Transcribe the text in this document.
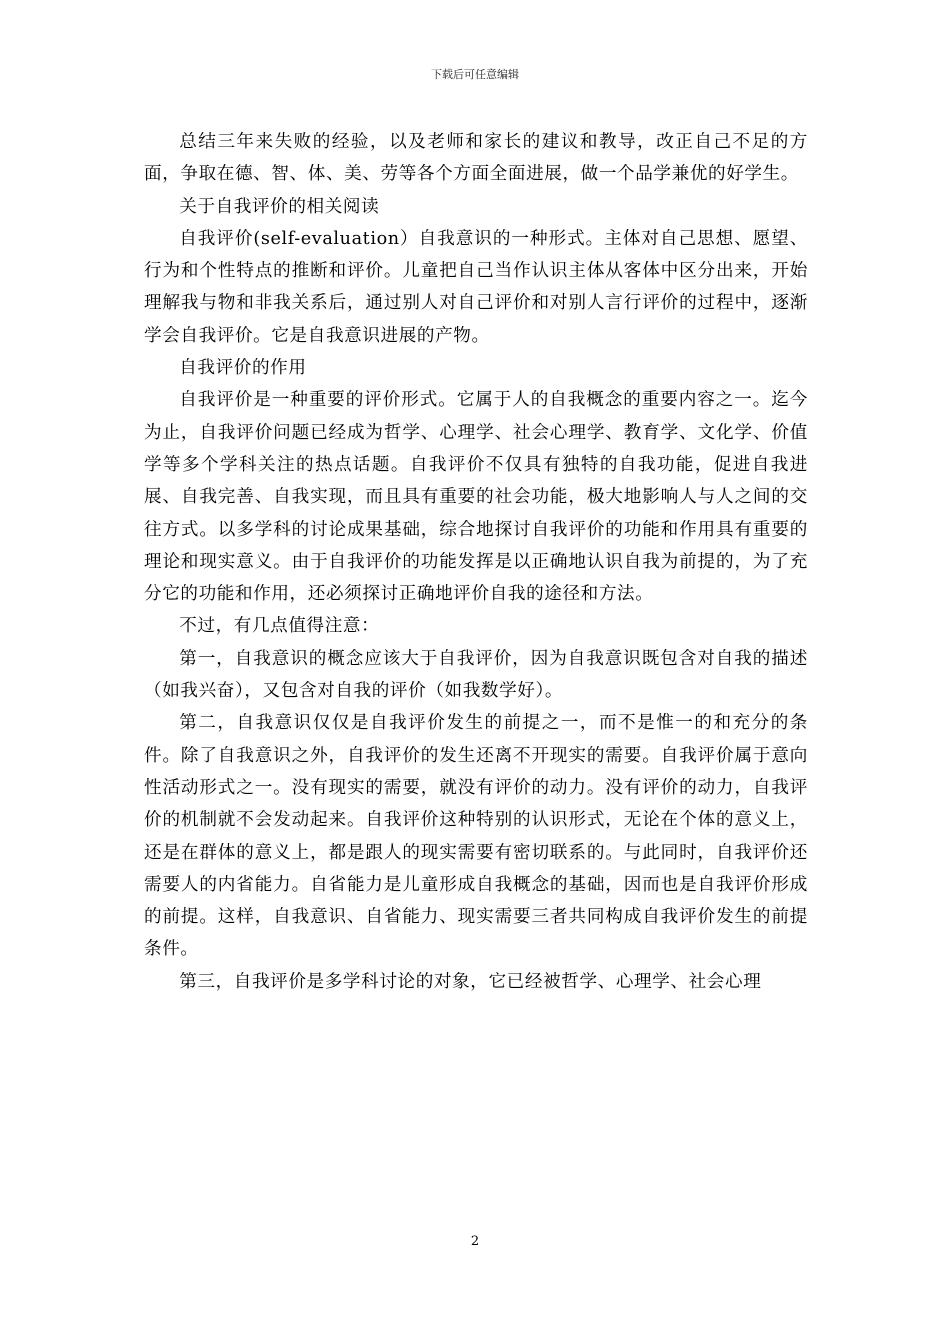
下载后可任意编辑

总结三年来失败的经验，以及老师和家长的建议和教导，改正自己不足的方面，争取在德、智、体、美、劳等各个方面全面进展，做一个品学兼优的好学生。

关于自我评价的相关阅读

自我评价(self-evaluation）自我意识的一种形式。主体对自己思想、愿望、行为和个性特点的推断和评价。儿童把自己当作认识主体从客体中区分出来，开始理解我与物和非我关系后，通过别人对自己评价和对别人言行评价的过程中，逐渐学会自我评价。它是自我意识进展的产物。

自我评价的作用

自我评价是一种重要的评价形式。它属于人的自我概念的重要内容之一。迄今为止，自我评价问题已经成为哲学、心理学、社会心理学、教育学、文化学、价值学等多个学科关注的热点话题。自我评价不仅具有独特的自我功能，促进自我进展、自我完善、自我实现，而且具有重要的社会功能，极大地影响人与人之间的交往方式。以多学科的讨论成果基础，综合地探讨自我评价的功能和作用具有重要的理论和现实意义。由于自我评价的功能发挥是以正确地认识自我为前提的，为了充分它的功能和作用，还必须探讨正确地评价自我的途径和方法。

不过，有几点值得注意：

第一，自我意识的概念应该大于自我评价，因为自我意识既包含对自我的描述（如我兴奋），又包含对自我的评价（如我数学好）。

第二，自我意识仅仅是自我评价发生的前提之一，而不是惟一的和充分的条件。除了自我意识之外，自我评价的发生还离不开现实的需要。自我评价属于意向性活动形式之一。没有现实的需要，就没有评价的动力。没有评价的动力，自我评价的机制就不会发动起来。自我评价这种特别的认识形式，无论在个体的意义上，还是在群体的意义上，都是跟人的现实需要有密切联系的。与此同时，自我评价还需要人的内省能力。自省能力是儿童形成自我概念的基础，因而也是自我评价形成的前提。这样，自我意识、自省能力、现实需要三者共同构成自我评价发生的前提条件。

第三，自我评价是多学科讨论的对象，它已经被哲学、心理学、社会心理

2
